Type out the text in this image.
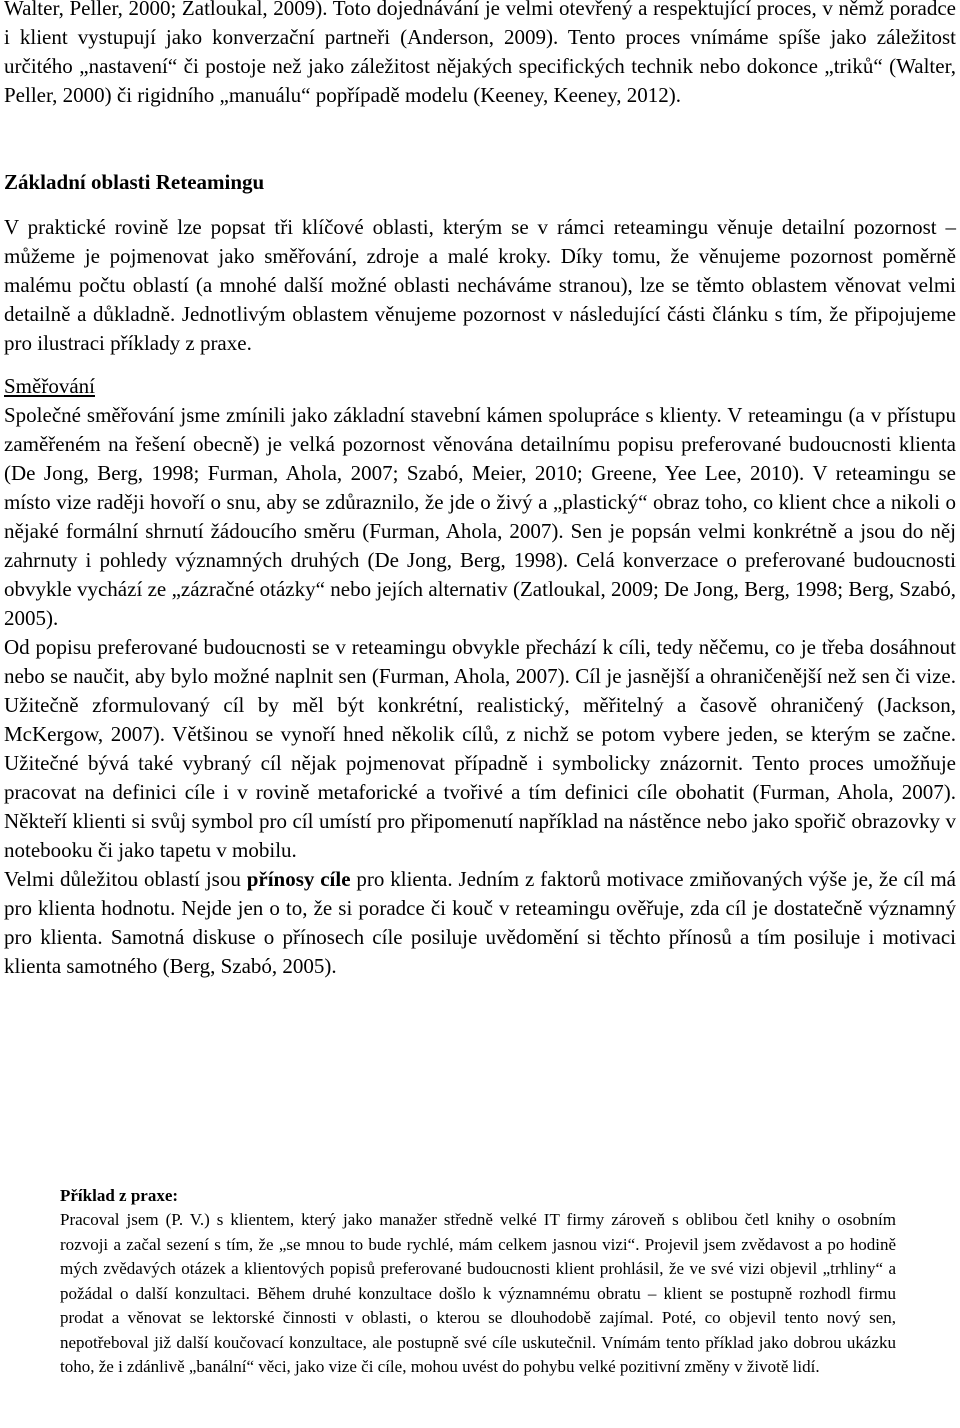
Walter, Peller, 2000; Zatloukal, 2009). Toto dojednávání je velmi otevřený a respektující proces, v němž poradce i klient vystupují jako konverzační partneři (Anderson, 2009). Tento proces vnímáme spíše jako záležitost určitého „nastavení“ či postoje než jako záležitost nějakých specifických technik nebo dokonce „triků“ (Walter, Peller, 2000) či rigidního „manuálu“ popřípadě modelu (Keeney, Keeney, 2012).

Základní oblasti Reteamingu

V praktické rovině lze popsat tři klíčové oblasti, kterým se v rámci reteamingu věnuje detailní pozornost – můžeme je pojmenovat jako směřování, zdroje a malé kroky. Díky tomu, že věnujeme pozornost poměrně malému počtu oblastí (a mnohé další možné oblasti necháváme stranou), lze se těmto oblastem věnovat velmi detailně a důkladně. Jednotlivým oblastem věnujeme pozornost v následující části článku s tím, že připojujeme pro ilustraci příklady z praxe.

Směřování

Společné směřování jsme zmínili jako základní stavební kámen spolupráce s klienty. V reteamingu (a v přístupu zaměřeném na řešení obecně) je velká pozornost věnována detailnímu popisu preferované budoucnosti klienta (De Jong, Berg, 1998; Furman, Ahola, 2007; Szabó, Meier, 2010; Greene, Yee Lee, 2010). V reteamingu se místo vize raději hovoří o snu, aby se zdůraznilo, že jde o živý a „plastický“ obraz toho, co klient chce a nikoli o nějaké formální shrnutí žádoucího směru (Furman, Ahola, 2007). Sen je popsán velmi konkrétně a jsou do něj zahrnuty i pohledy významných druhých (De Jong, Berg, 1998). Celá konverzace o preferované budoucnosti obvykle vychází ze „zázračné otázky“ nebo jejích alternativ (Zatloukal, 2009; De Jong, Berg, 1998; Berg, Szabó, 2005).

Od popisu preferované budoucnosti se v reteamingu obvykle přechází k cíli, tedy něčemu, co je třeba dosáhnout nebo se naučit, aby bylo možné naplnit sen (Furman, Ahola, 2007). Cíl je jasnější a ohraničenější než sen či vize. Užitečně zformulovaný cíl by měl být konkrétní, realistický, měřitelný a časově ohraničený (Jackson, McKergow, 2007). Většinou se vynoří hned několik cílů, z nichž se potom vybere jeden, se kterým se začne. Užitečné bývá také vybraný cíl nějak pojmenovat případně i symbolicky znázornit. Tento proces umožňuje pracovat na definici cíle i v rovině metaforické a tvořivé a tím definici cíle obohatit (Furman, Ahola, 2007). Někteří klienti si svůj symbol pro cíl umístí pro připomenutí například na nástěnce nebo jako spořič obrazovky v notebooku či jako tapetu v mobilu.

Velmi důležitou oblastí jsou přínosy cíle pro klienta. Jedním z faktorů motivace zmiňovaných výše je, že cíl má pro klienta hodnotu. Nejde jen o to, že si poradce či kouč v reteamingu ověřuje, zda cíl je dostatečně významný pro klienta. Samotná diskuse o přínosech cíle posiluje uvědomění si těchto přínosů a tím posiluje i motivaci klienta samotného (Berg, Szabó, 2005).

Příklad z praxe:

Pracoval jsem (P. V.) s klientem, který jako manažer středně velké IT firmy zároveň s oblibou četl knihy o osobním rozvoji a začal sezení s tím, že „se mnou to bude rychlé, mám celkem jasnou vizi“. Projevil jsem zvědavost a po hodině mých zvědavých otázek a klientových popisů preferované budoucnosti klient prohlásil, že ve své vizi objevil „trhliny“ a požádal o další konzultaci. Během druhé konzultace došlo k významnému obratu – klient se postupně rozhodl firmu prodat a věnovat se lektorské činnosti v oblasti, o kterou se dlouhodobě zajímal. Poté, co objevil tento nový sen, nepotřeboval již další koučovací konzultace, ale postupně své cíle uskutečnil. Vnímám tento příklad jako dobrou ukázku toho, že i zdánlivě „banální“ věci, jako vize či cíle, mohou uvést do pohybu velké pozitivní změny v životě lidí.
